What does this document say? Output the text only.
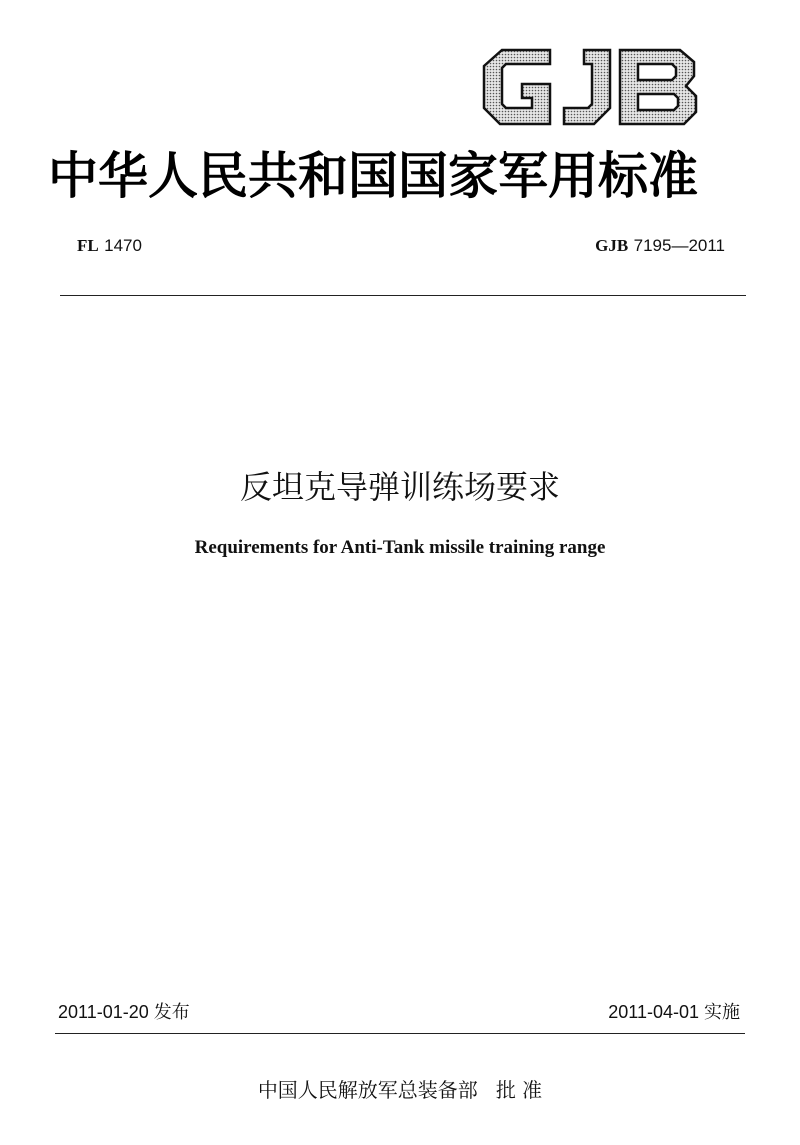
中华人民共和国国家军用标准
FL 1470	GJB 7195—2011
反坦克导弹训练场要求
Requirements for Anti-Tank missile training range
2011-01-20 发布	2011-04-01 实施
中国人民解放军总装备部 批 准
